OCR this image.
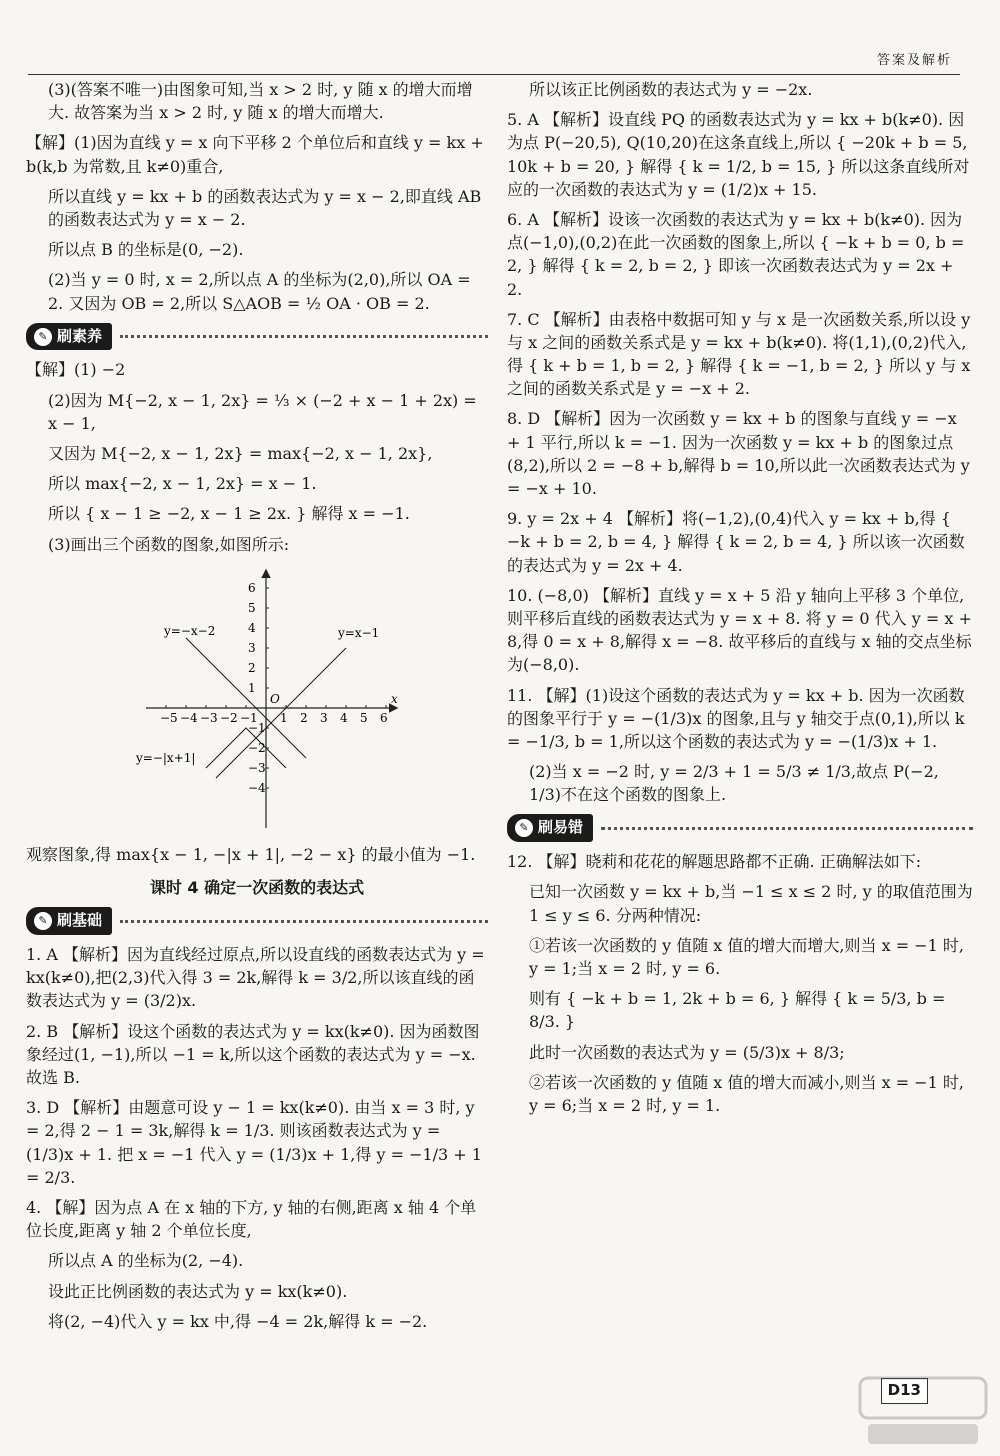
答案及解析

(3)(答案不唯一)由图象可知,当 x > 2 时, y 随 x 的增大而增大. 故答案为当 x > 2 时, y 随 x 的增大而增大.

【解】(1)因为直线 y = x 向下平移 2 个单位后和直线 y = kx + b(k,b 为常数,且 k≠0)重合,

所以直线 y = kx + b 的函数表达式为 y = x − 2,即直线 AB 的函数表达式为 y = x − 2.

所以点 B 的坐标是(0, −2).

(2)当 y = 0 时, x = 2,所以点 A 的坐标为(2,0),所以 OA = 2. 又因为 OB = 2,所以 S△AOB = ½ OA · OB = 2.

✎ 刷素养

【解】(1) −2

(2)因为 M{−2, x − 1, 2x} = ⅓ × (−2 + x − 1 + 2x) = x − 1,

又因为 M{−2, x − 1, 2x} = max{−2, x − 1, 2x},

所以 max{−2, x − 1, 2x} = x − 1.

所以 { x − 1 ≥ −2, x − 1 ≥ 2x. } 解得 x = −1.

(3)画出三个函数的图象,如图所示:

−5 −4 −3 −2 −1 1 2 3 4 5 6
6
5
4
3
2
1
−1
−2
−3
−4
y=−x−2	y=x−1
y=−|x+1|
x
O

观察图象,得 max{x − 1, −|x + 1|, −2 − x} 的最小值为 −1.

课时 4 确定一次函数的表达式
✎ 刷基础

1. A 【解析】因为直线经过原点,所以设直线的函数表达式为 y = kx(k≠0),把(2,3)代入得 3 = 2k,解得 k = 3/2,所以该直线的函数表达式为 y = (3/2)x.

2. B 【解析】设这个函数的表达式为 y = kx(k≠0). 因为函数图象经过(1, −1),所以 −1 = k,所以这个函数的表达式为 y = −x. 故选 B.

3. D 【解析】由题意可设 y − 1 = kx(k≠0). 由当 x = 3 时, y = 2,得 2 − 1 = 3k,解得 k = 1/3. 则该函数表达式为 y = (1/3)x + 1. 把 x = −1 代入 y = (1/3)x + 1,得 y = −1/3 + 1 = 2/3.

4. 【解】因为点 A 在 x 轴的下方, y 轴的右侧,距离 x 轴 4 个单位长度,距离 y 轴 2 个单位长度,

所以点 A 的坐标为(2, −4).

设此正比例函数的表达式为 y = kx(k≠0).

将(2, −4)代入 y = kx 中,得 −4 = 2k,解得 k = −2.

所以该正比例函数的表达式为 y = −2x.

5. A 【解析】设直线 PQ 的函数表达式为 y = kx + b(k≠0). 因为点 P(−20,5), Q(10,20)在这条直线上,所以 { −20k + b = 5, 10k + b = 20, } 解得 { k = 1/2, b = 15, } 所以这条直线所对应的一次函数的表达式为 y = (1/2)x + 15.

6. A 【解析】设该一次函数的表达式为 y = kx + b(k≠0). 因为点(−1,0),(0,2)在此一次函数的图象上,所以 { −k + b = 0, b = 2, } 解得 { k = 2, b = 2, } 即该一次函数表达式为 y = 2x + 2.

7. C 【解析】由表格中数据可知 y 与 x 是一次函数关系,所以设 y 与 x 之间的函数关系式是 y = kx + b(k≠0). 将(1,1),(0,2)代入,得 { k + b = 1, b = 2, } 解得 { k = −1, b = 2, } 所以 y 与 x 之间的函数关系式是 y = −x + 2.

8. D 【解析】因为一次函数 y = kx + b 的图象与直线 y = −x + 1 平行,所以 k = −1. 因为一次函数 y = kx + b 的图象过点(8,2),所以 2 = −8 + b,解得 b = 10,所以此一次函数表达式为 y = −x + 10.

9. y = 2x + 4 【解析】将(−1,2),(0,4)代入 y = kx + b,得 { −k + b = 2, b = 4, } 解得 { k = 2, b = 4, } 所以该一次函数的表达式为 y = 2x + 4.

10. (−8,0) 【解析】直线 y = x + 5 沿 y 轴向上平移 3 个单位,则平移后直线的函数表达式为 y = x + 8. 将 y = 0 代入 y = x + 8,得 0 = x + 8,解得 x = −8. 故平移后的直线与 x 轴的交点坐标为(−8,0).

11. 【解】(1)设这个函数的表达式为 y = kx + b. 因为一次函数的图象平行于 y = −(1/3)x 的图象,且与 y 轴交于点(0,1),所以 k = −1/3, b = 1,所以这个函数的表达式为 y = −(1/3)x + 1.

(2)当 x = −2 时, y = 2/3 + 1 = 5/3 ≠ 1/3,故点 P(−2, 1/3)不在这个函数的图象上.

✎ 刷易错

12. 【解】晓莉和花花的解题思路都不正确. 正确解法如下:

已知一次函数 y = kx + b,当 −1 ≤ x ≤ 2 时, y 的取值范围为 1 ≤ y ≤ 6. 分两种情况:

①若该一次函数的 y 值随 x 值的增大而增大,则当 x = −1 时, y = 1;当 x = 2 时, y = 6.

则有 { −k + b = 1, 2k + b = 6, } 解得 { k = 5/3, b = 8/3. }

此时一次函数的表达式为 y = (5/3)x + 8/3;

②若该一次函数的 y 值随 x 值的增大而减小,则当 x = −1 时, y = 6;当 x = 2 时, y = 1.

D13
